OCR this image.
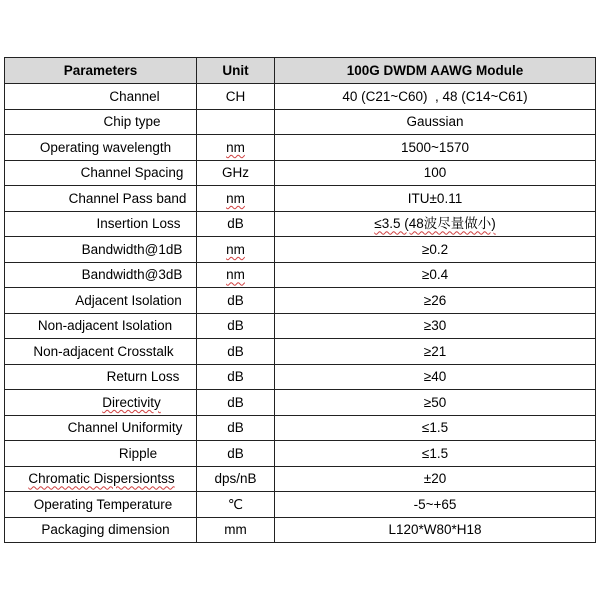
Parameters	Unit	100G DWDM AAWG Module
Channel	CH	40 (C21~C60)  , 48 (C14~C61)
Chip type		Gaussian
Operating wavelength	nm	1500~1570
Channel Spacing	GHz	100
Channel Pass band	nm	ITU±0.11
Insertion Loss	dB	≤3.5 (48波尽量做小)
Bandwidth@1dB	nm	≥0.2
Bandwidth@3dB	nm	≥0.4
Adjacent Isolation	dB	≥26
Non-adjacent Isolation	dB	≥30
Non-adjacent Crosstalk	dB	≥21
Return Loss	dB	≥40
Directivity	dB	≥50
Channel Uniformity	dB	≤1.5
Ripple	dB	≤1.5
Chromatic Dispersiontss	dps/nB	±20
Operating Temperature	℃	-5~+65
Packaging dimension	mm	L120*W80*H18
